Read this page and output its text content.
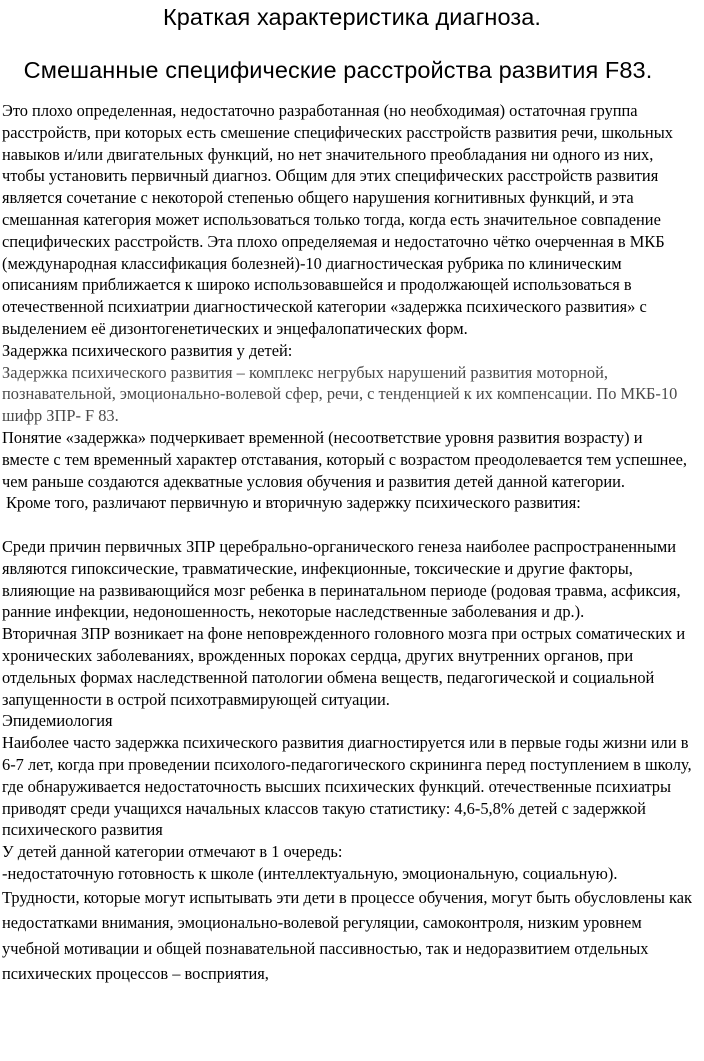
Краткая характеристика диагноза.
Смешанные специфические расстройства развития F83.

Это плохо определенная, недостаточно разработанная (но необходимая) остаточная группа расстройств, при которых есть смешение специфических расстройств развития речи, школьных навыков и/или двигательных функций, но нет значительного преобладания ни одного из них, чтобы установить первичный диагноз. Общим для этих специфических расстройств развития является сочетание с некоторой степенью общего нарушения когнитивных функций, и эта смешанная категория может использоваться только тогда, когда есть значительное совпадение специфических расстройств. Эта плохо определяемая и недостаточно чётко очерченная в МКБ (международная классификация болезней)-10 диагностическая рубрика по клиническим описаниям приближается к широко использовавшейся и продолжающей использоваться в отечественной психиатрии диагностической категории «задержка психического развития» с выделением её дизонтогенетических и энцефалопатических форм.

Задержка психического развития у детей:

Задержка психического развития – комплекс негрубых нарушений развития моторной, познавательной, эмоционально-волевой сфер, речи, с тенденцией к их компенсации. По МКБ-10 шифр ЗПР- F 83.

Понятие «задержка» подчеркивает временной (несоответствие уровня развития возрасту) и вместе с тем временный характер отставания, который с возрастом преодолевается тем успешнее, чем раньше создаются адекватные условия обучения и развития детей данной категории.

Кроме того, различают первичную и вторичную задержку психического развития:

Среди причин первичных ЗПР церебрально-органического генеза наиболее распространенными являются гипоксические, травматические, инфекционные, токсические и другие факторы, влияющие на развивающийся мозг ребенка в перинатальном периоде (родовая травма, асфиксия, ранние инфекции, недоношенность, некоторые наследственные заболевания и др.).

Вторичная ЗПР возникает на фоне неповрежденного головного мозга при острых соматических и хронических заболеваниях, врожденных пороках сердца, других внутренних органов, при отдельных формах наследственной патологии обмена веществ, педагогической и социальной запущенности в острой психотравмирующей ситуации.

Эпидемиология

Наиболее часто задержка психического развития диагностируется или в первые годы жизни или в 6-7 лет, когда при проведении психолого-педагогического скрининга перед поступлением в школу, где обнаруживается недостаточность высших психических функций. отечественные психиатры приводят среди учащихся начальных классов такую статистику: 4,6-5,8% детей с задержкой психического развития

У детей данной категории отмечают в 1 очередь:

-недостаточную готовность к школе (интеллектуальную, эмоциональную, социальную).

Трудности, которые могут испытывать эти дети в процессе обучения, могут быть обусловлены как недостатками внимания, эмоционально-волевой регуляции, самоконтроля, низким уровнем учебной мотивации и общей познавательной пассивностью, так и недоразвитием отдельных психических процессов – восприятия,
